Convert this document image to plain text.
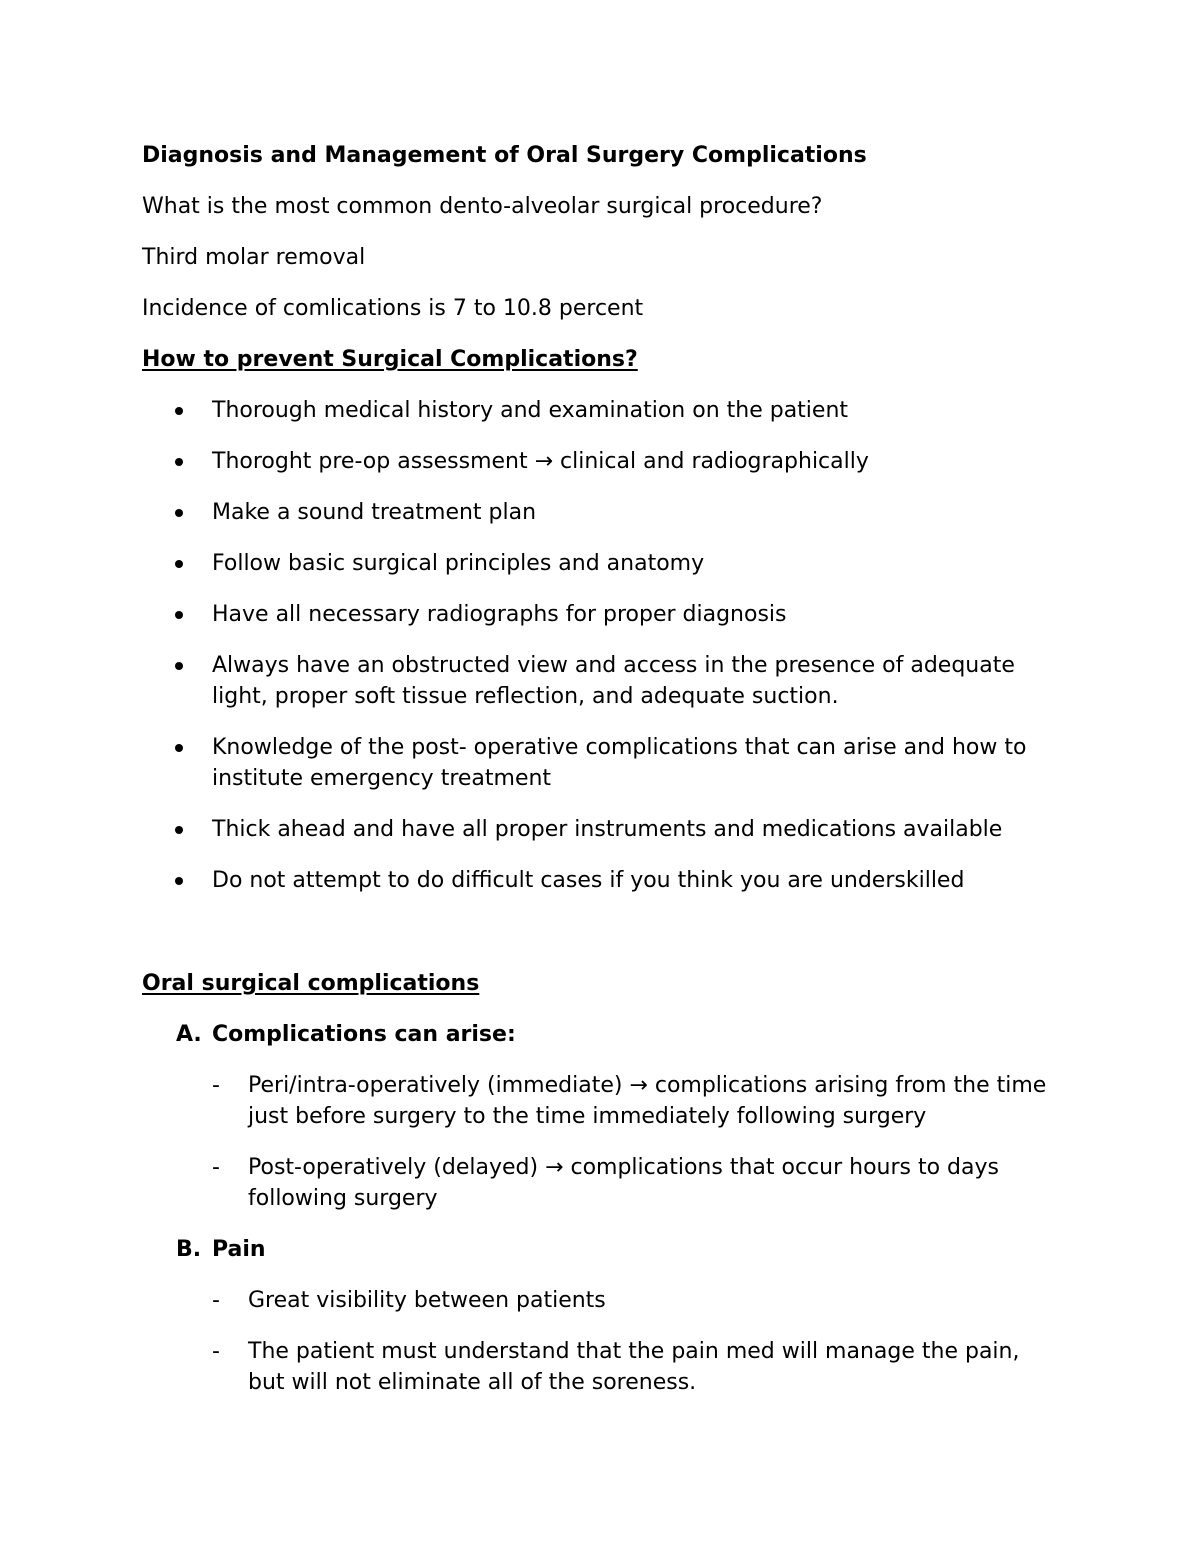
Diagnosis and Management of Oral Surgery Complications

What is the most common dento-alveolar surgical procedure?

Third molar removal

Incidence of comlications is 7 to 10.8 percent

How to prevent Surgical Complications?

Thorough medical history and examination on the patient
Thoroght pre-op assessment → clinical and radiographically
Make a sound treatment plan
Follow basic surgical principles and anatomy
Have all necessary radiographs for proper diagnosis
Always have an obstructed view and access in the presence of adequate light, proper soft tissue reflection, and adequate suction.
Knowledge of the post- operative complications that can arise and how to institute emergency treatment
Thick ahead and have all proper instruments and medications available
Do not attempt to do difficult cases if you think you are underskilled

Oral surgical complications

A. Complications can arise:
- Peri/intra-operatively (immediate) → complications arising from the time just before surgery to the time immediately following surgery
- Post-operatively (delayed) → complications that occur hours to days following surgery
B. Pain
- Great visibility between patients
- The patient must understand that the pain med will manage the pain, but will not eliminate all of the soreness.
